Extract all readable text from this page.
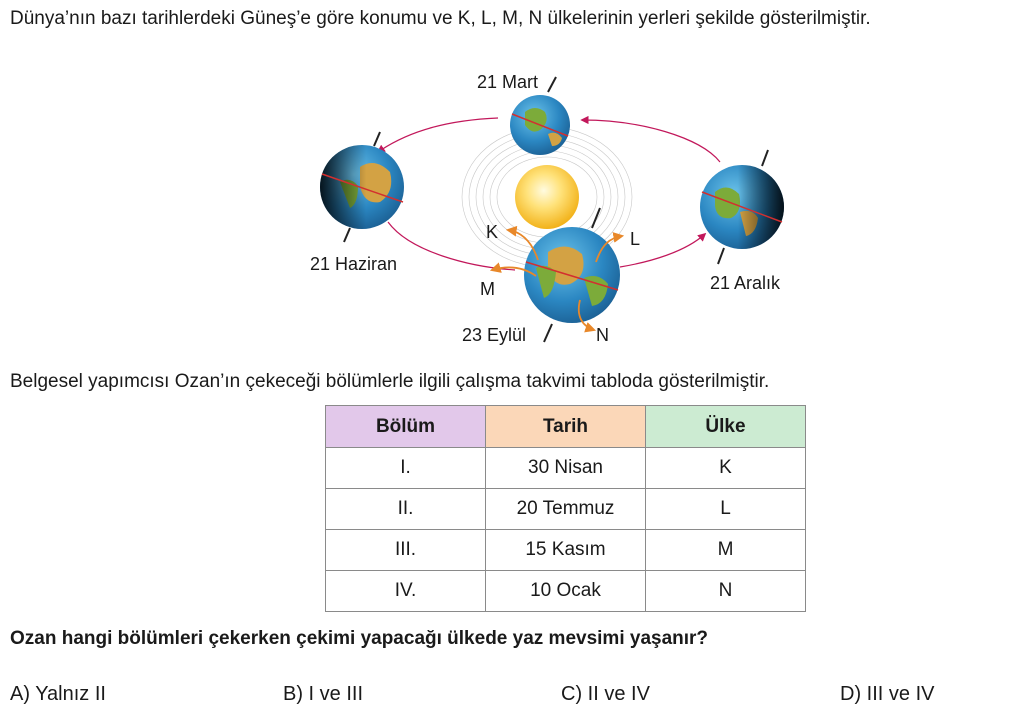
Dünya’nın bazı tarihlerdeki Güneş’e göre konumu ve K, L, M, N ülkelerinin yerleri şekilde gösterilmiştir.
21 Mart
21 Haziran
23 Eylül
21 Aralık
K	L
M
N
Belgesel yapımcısı Ozan’ın çekeceği bölümlerle ilgili çalışma takvimi tabloda gösterilmiştir.
Bölüm	Tarih	Ülke
I.	30 Nisan	K
II.	20 Temmuz	L
III.	15 Kasım	M
IV.	10 Ocak	N
Ozan hangi bölümleri çekerken çekimi yapacağı ülkede yaz mevsimi yaşanır?
A) Yalnız II	B) I ve III	C) II ve IV	D) III ve IV
